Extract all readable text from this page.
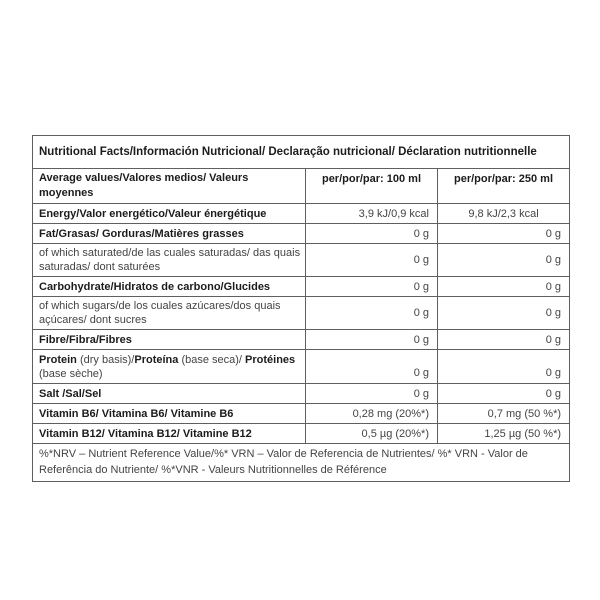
Nutritional Facts/Información Nutricional/ Declaração nutricional/ Déclaration nutritionnelle		
Average values/Valores medios/ Valeurs moyennes	per/por/par: 100 ml	per/por/par: 250 ml
Energy/Valor energético/Valeur énergétique	3,9 kJ/0,9 kcal	9,8 kJ/2,3 kcal
Fat/Grasas/ Gorduras/Matières grasses	0 g	0 g
of which saturated/de las cuales saturadas/ das quais saturadas/ dont saturées	0 g	0 g
Carbohydrate/Hidratos de carbono/Glucides	0 g	0 g
of which sugars/de los cuales azúcares/dos quais açúcares/ dont sucres	0 g	0 g
Fibre/Fibra/Fibres	0 g	0 g
Protein (dry basis)/Proteína (base seca)/ Protéines (base sèche)	0 g	0 g
Salt /Sal/Sel	0 g	0 g
Vitamin B6/ Vitamina B6/ Vitamine B6	0,28 mg (20%*)	0,7 mg (50 %*)
Vitamin B12/ Vitamina B12/ Vitamine B12	0,5 µg (20%*)	1,25 µg (50 %*)
%*NRV – Nutrient Reference Value/%* VRN – Valor de Referencia de Nutrientes/ %* VRN - Valor de Referência do Nutriente/ %*VNR - Valeurs Nutritionnelles de Référence		
